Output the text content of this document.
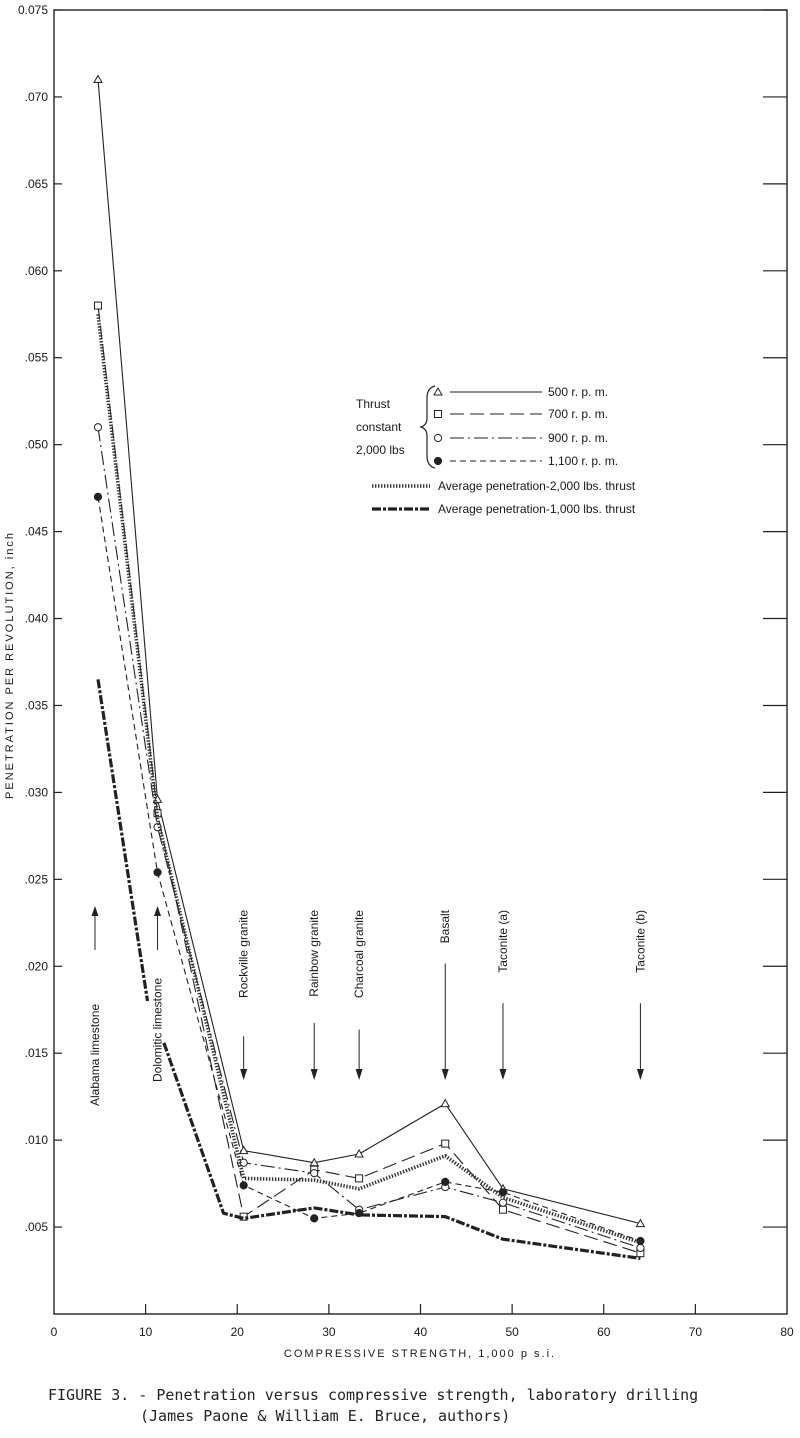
.005
.010
.015
.020
.025
.030
.035
.040
.045
.050
.055
.060
.065
.070
0.075
0	10	20	30	40	50	60	70	80
PENETRATION PER REVOLUTION, inch
COMPRESSIVE STRENGTH, 1,000 p s.i.
Alabama limestone	Dolomitic limestone
Rockville granite	Rainbow granite	Charcoal granite	Basalt	Taconite (a)	Taconite (b)
Thrust
constant
2,000 lbs
500 r. p. m.
700 r. p. m.
900 r. p. m.
1,100 r. p. m.
Average penetration-2,000 lbs. thrust
Average penetration-1,000 lbs. thrust
FIGURE 3. - Penetration versus compressive strength, laboratory drilling
(James Paone & William E. Bruce, authors)
